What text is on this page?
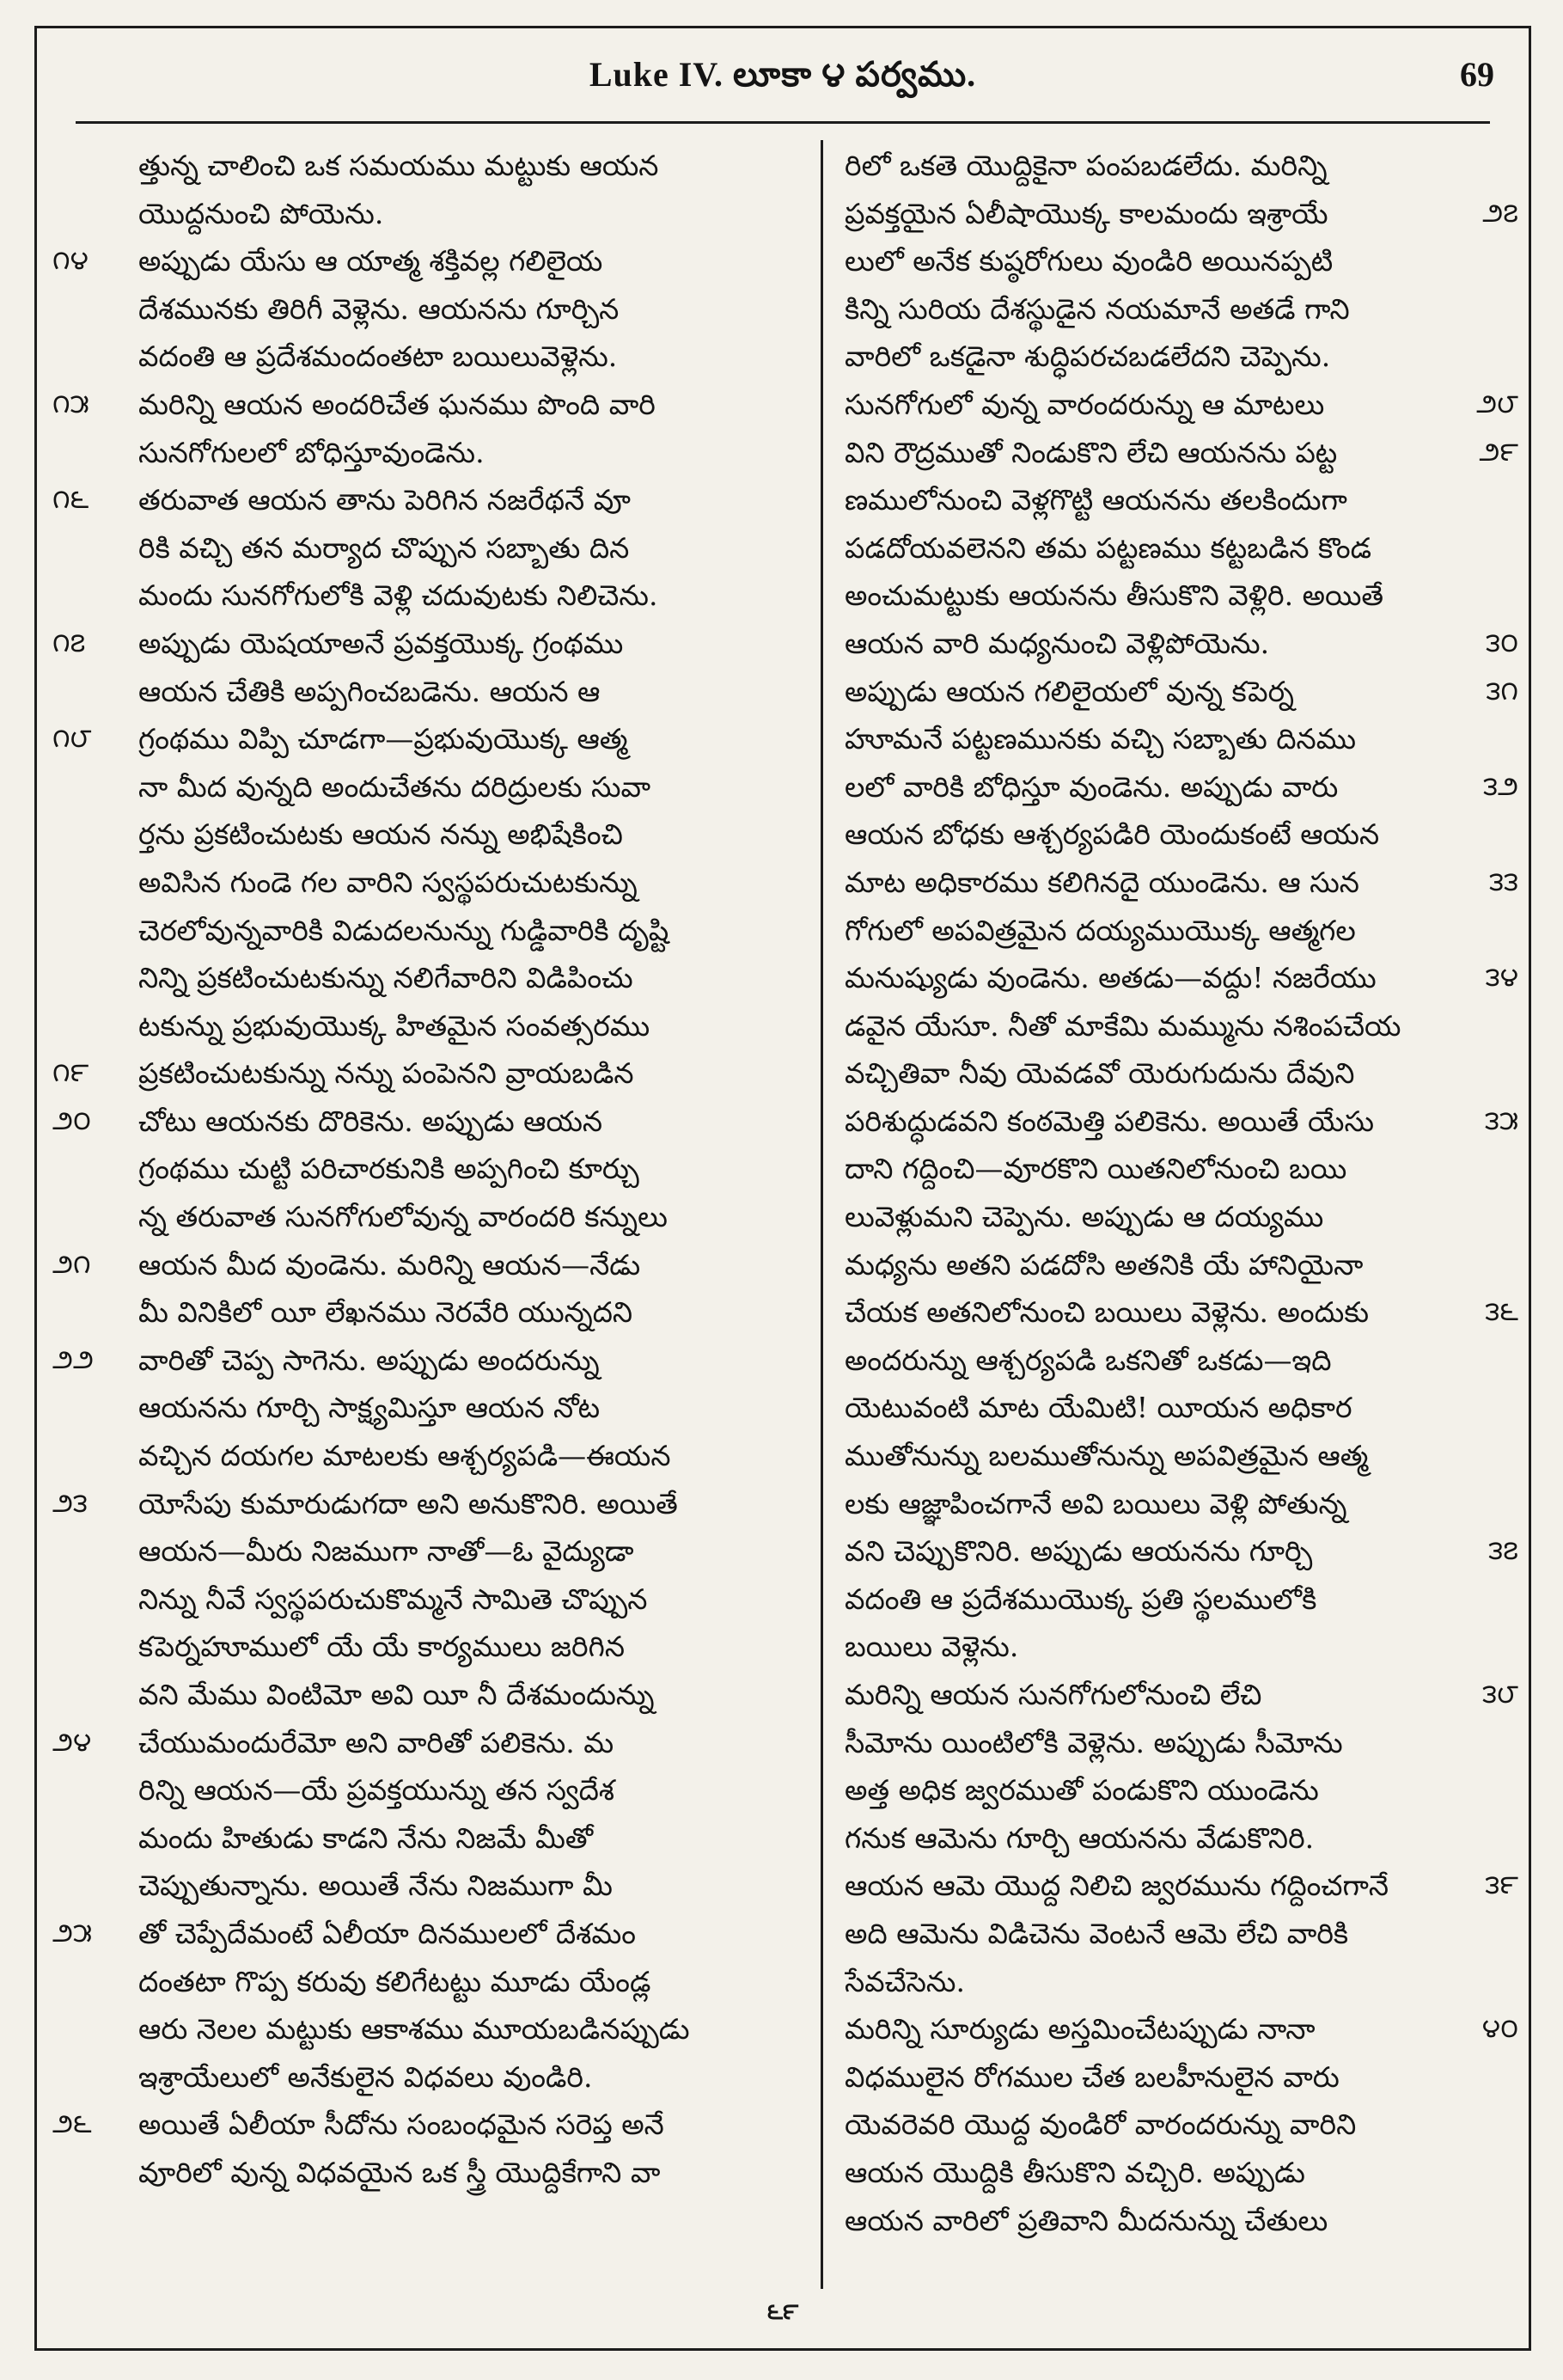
Luke IV. లూకా ౪ పర్వము.	69
త్తున్న చాలించి ఒక సమయము మట్టుకు ఆయన
యొద్దనుంచి పోయెను.
౧౪	అప్పుడు యేసు ఆ యాత్మ శక్తివల్ల గలిలైయ
దేశమునకు తిరిగీ వెళ్లెను. ఆయనను గూర్చిన
వదంతి ఆ ప్రదేశమందంతటా బయిలువెళ్లెను.
౧౫	మరిన్ని ఆయన అందరిచేత ఘనము పొంది వారి
సునగోగులలో బోధిస్తూవుండెను.
౧౬	తరువాత ఆయన తాను పెరిగిన నజరేథనే వూ
రికి వచ్చి తన మర్యాద చొప్పున సబ్బాతు దిన
మందు సునగోగులోకి వెళ్లి చదువుటకు నిలిచెను.
౧౭	అప్పుడు యెషయాఅనే ప్రవక్తయొక్క గ్రంథము
ఆయన చేతికి అప్పగించబడెను. ఆయన ఆ
౧౮	గ్రంథము విప్పి చూడగా—ప్రభువుయొక్క ఆత్మ
నా మీద వున్నది అందుచేతను దరిద్రులకు సువా
ర్తను ప్రకటించుటకు ఆయన నన్ను అభిషేకించి
అవిసిన గుండె గల వారిని స్వస్థపరుచుటకున్ను
చెరలోవున్నవారికి విడుదలనున్ను గుడ్డివారికి దృష్టి
నిన్ని ప్రకటించుటకున్ను నలిగేవారిని విడిపించు
టకున్ను ప్రభువుయొక్క హితమైన సంవత్సరము
౧౯	ప్రకటించుటకున్ను నన్ను పంపెనని వ్రాయబడిన
౨౦	చోటు ఆయనకు దొరికెను. అప్పుడు ఆయన
గ్రంథము చుట్టి పరిచారకునికి అప్పగించి కూర్చు
న్న తరువాత సునగోగులోవున్న వారందరి కన్నులు
౨౧	ఆయన మీద వుండెను. మరిన్ని ఆయన—నేడు
మీ వినికిలో యీ లేఖనము నెరవేరి యున్నదని
౨౨	వారితో చెప్ప సాగెను. అప్పుడు అందరున్ను
ఆయనను గూర్చి సాక్ష్యమిస్తూ ఆయన నోట
వచ్చిన దయగల మాటలకు ఆశ్చర్యపడి—ఈయన
౨౩	యోసేపు కుమారుడుగదా అని అనుకొనిరి. అయితే
ఆయన—మీరు నిజముగా నాతో—ఓ వైద్యుడా
నిన్ను నీవే స్వస్థపరుచుకొమ్మనే సామితె చొప్పున
కపెర్నహూములో యే యే కార్యములు జరిగిన
వని మేము వింటిమో అవి యీ నీ దేశమందున్ను
౨౪	చేయుమందురేమో అని వారితో పలికెను. మ
రిన్ని ఆయన—యే ప్రవక్తయున్ను తన స్వదేశ
మందు హితుడు కాడని నేను నిజమే మీతో
చెప్పుతున్నాను. అయితే నేను నిజముగా మీ
౨౫	తో చెప్పేదేమంటే ఏలీయా దినములలో దేశమం
దంతటా గొప్ప కరువు కలిగేటట్టు మూడు యేండ్ల
ఆరు నెలల మట్టుకు ఆకాశము మూయబడినప్పుడు
ఇశ్రాయేలులో అనేకులైన విధవలు వుండిరి.
౨౬	అయితే ఏలీయా సీదోను సంబంధమైన సరెప్త అనే
వూరిలో వున్న విధవయైన ఒక స్త్రీ యొద్దికేగాని వా
రిలో ఒకతె యొద్దికైనా పంపబడలేదు. మరిన్ని
౨౭
ప్రవక్తయైన ఏలీషాయొక్క కాలమందు ఇశ్రాయే
లులో అనేక కుష్ఠరోగులు వుండిరి అయినప్పటి
కిన్ని సురియ దేశస్థుడైన నయమానే అతడే గాని
వారిలో ఒకడైనా శుద్ధిపరచబడలేదని చెప్పెను.
౨౮
సునగోగులో వున్న వారందరున్ను ఆ మాటలు
౨౯
విని రౌద్రముతో నిండుకొని లేచి ఆయనను పట్ట
ణములోనుంచి వెళ్లగొట్టి ఆయనను తలకిందుగా
పడదోయవలెనని తమ పట్టణము కట్టబడిన కొండ
అంచుమట్టుకు ఆయనను తీసుకొని వెళ్లిరి. అయితే
౩౦
ఆయన వారి మధ్యనుంచి వెళ్లిపోయెను.
౩౧
అప్పుడు ఆయన గలిలైయలో వున్న కపెర్న
హూమనే పట్టణమునకు వచ్చి సబ్బాతు దినము
౩౨
లలో వారికి బోధిస్తూ వుండెను. అప్పుడు వారు
ఆయన బోధకు ఆశ్చర్యపడిరి యెందుకంటే ఆయన
౩౩
మాట అధికారము కలిగినదై యుండెను. ఆ సున
గోగులో అపవిత్రమైన దయ్యముయొక్క ఆత్మగల
౩౪
మనుష్యుడు వుండెను. అతడు—వద్దు! నజరేయు
డవైన యేసూ. నీతో మాకేమి మమ్మును నశింపచేయ
వచ్చితివా నీవు యెవడవో యెరుగుదును దేవుని
౩౫
పరిశుద్ధుడవని కంఠమెత్తి పలికెను. అయితే యేసు
దాని గద్దించి—వూరకొని యితనిలోనుంచి బయి
లువెళ్లుమని చెప్పెను. అప్పుడు ఆ దయ్యము
మధ్యను అతని పడదోసి అతనికి యే హానియైనా
౩౬
చేయక అతనిలోనుంచి బయిలు వెళ్లెను. అందుకు
అందరున్ను ఆశ్చర్యపడి ఒకనితో ఒకడు—ఇది
యెటువంటి మాట యేమిటి! యీయన అధికార
ముతోనున్ను బలముతోనున్ను అపవిత్రమైన ఆత్మ
లకు ఆజ్ఞాపించగానే అవి బయిలు వెళ్లి పోతున్న
౩౭
వని చెప్పుకొనిరి. అప్పుడు ఆయనను గూర్చి
వదంతి ఆ ప్రదేశముయొక్క ప్రతి స్థలములోకి
బయిలు వెళ్లెను.
౩౮
మరిన్ని ఆయన సునగోగులోనుంచి లేచి
సీమోను యింటిలోకి వెళ్లెను. అప్పుడు సీమోను
అత్త అధిక జ్వరముతో పండుకొని యుండెను
గనుక ఆమెను గూర్చి ఆయనను వేడుకొనిరి.
౩౯
ఆయన ఆమె యొద్ద నిలిచి జ్వరమును గద్దించగానే
అది ఆమెను విడిచెను వెంటనే ఆమె లేచి వారికి
సేవచేసెను.
౪౦
మరిన్ని సూర్యుడు అస్తమించేటప్పుడు నానా
విధములైన రోగముల చేత బలహీనులైన వారు
యెవరెవరి యొద్ద వుండిరో వారందరున్ను వారిని
ఆయన యొద్దికి తీసుకొని వచ్చిరి. అప్పుడు
ఆయన వారిలో ప్రతివాని మీదనున్ను చేతులు
౬౯
